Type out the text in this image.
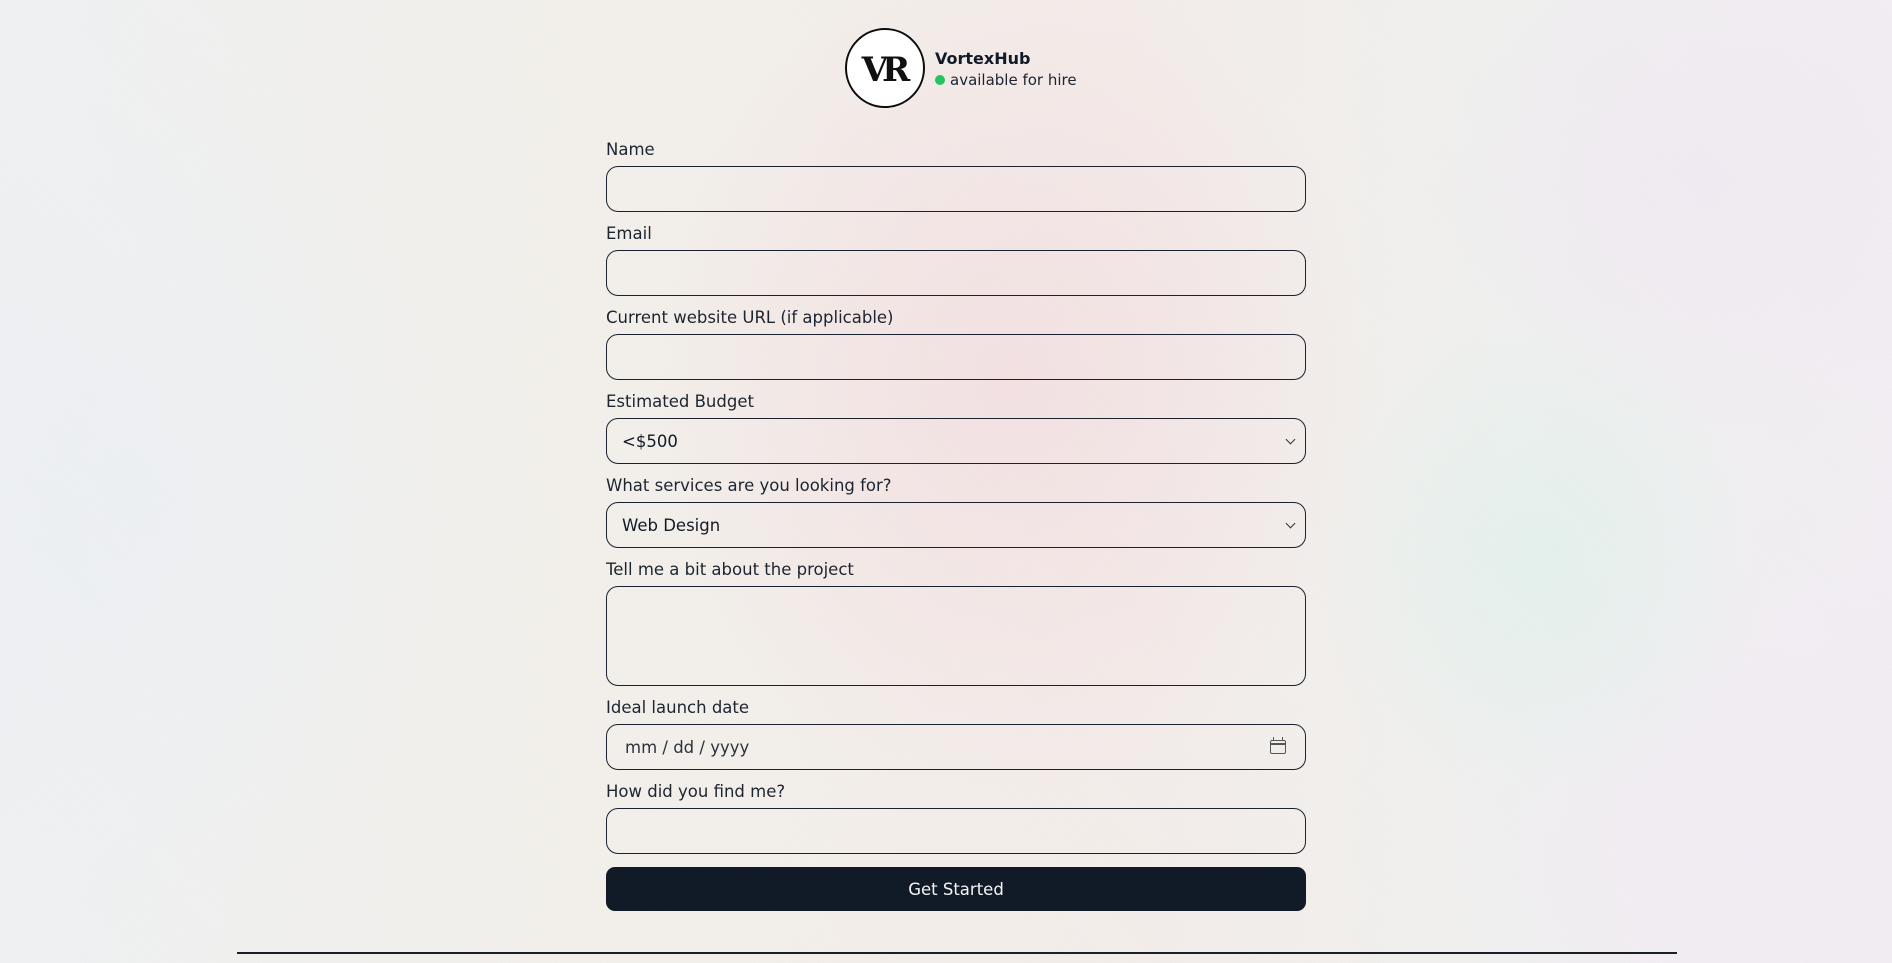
VR VortexHub
available for hire
Name
Email
Current website URL (if applicable)
Estimated Budget
<$500
What services are you looking for?
Web Design
Tell me a bit about the project
Ideal launch date
mm / dd / yyyy
How did you find me?
Get Started
